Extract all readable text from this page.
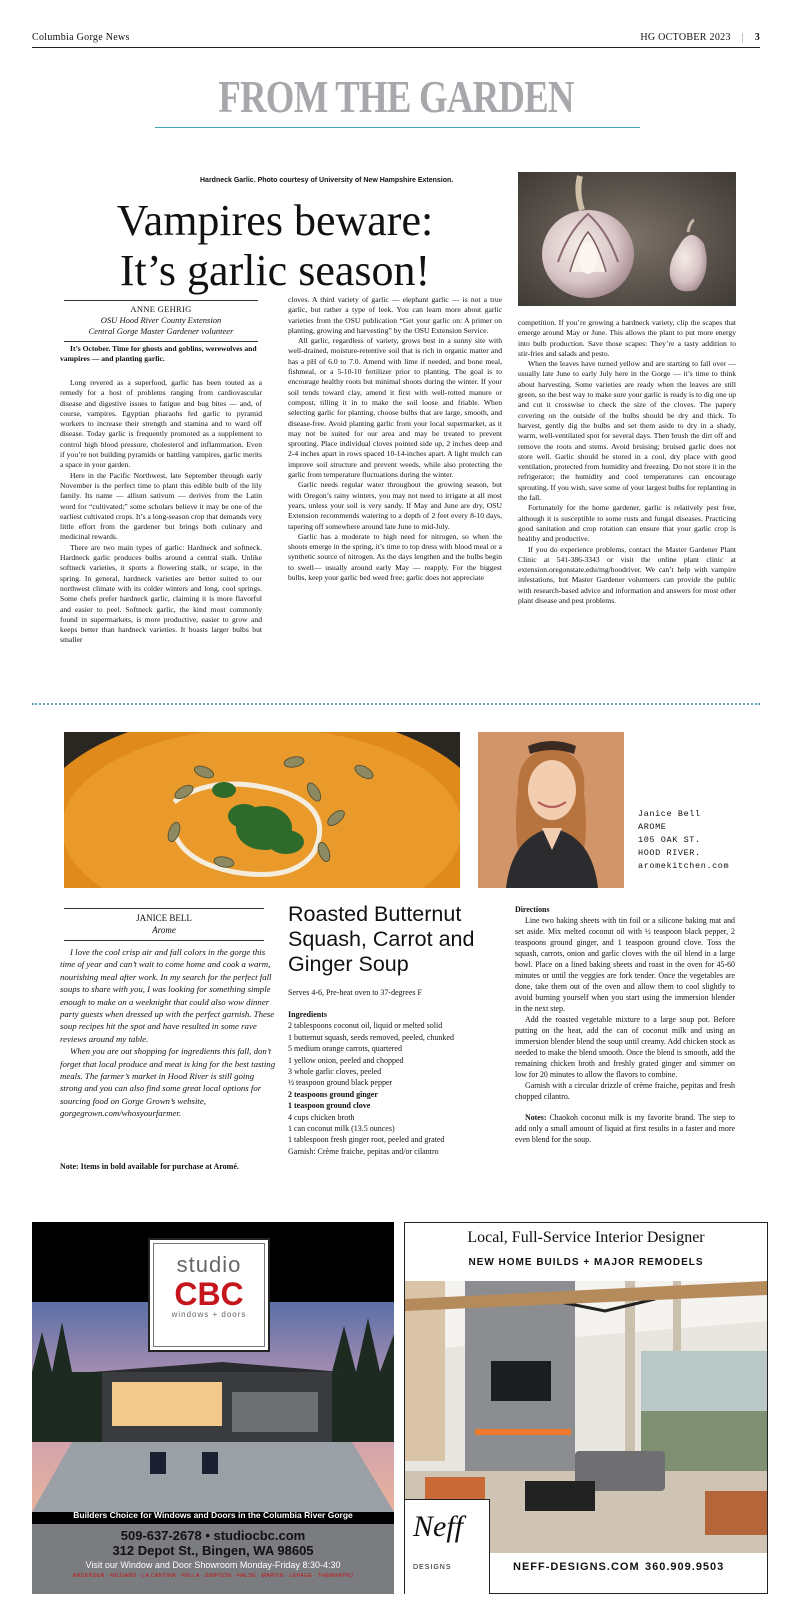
Columbia Gorge News	HG OCTOBER 2023 | 3
FROM THE GARDEN
Hardneck Garlic. Photo courtesy of University of New Hampshire Extension.
Vampires beware:
It’s garlic season!
ANNE GEHRIG
OSU Hood River County Extension
Central Gorge Master Gardener volunteer
It’s October. Time for ghosts and goblins, werewolves and vampires — and planting garlic.

Long revered as a superfood, garlic has been touted as a remedy for a host of problems ranging from cardiovascular disease and digestive issues to fatigue and bug bites — and, of course, vampires. Egyptian pharaohs fed garlic to pyramid workers to increase their strength and stamina and to ward off disease. Today garlic is frequently promoted as a supplement to control high blood pressure, cholesterol and inflammation. Even if you’re not building pyramids or battling vampires, garlic merits a space in your garden.

Here in the Pacific Northwest, late September through early November is the perfect time to plant this edible bulb of the lily family. Its name — allium sativum — derives from the Latin word for “cultivated;” some scholars believe it may be one of the earliest cultivated crops. It’s a long-season crop that demands very little effort from the gardener but brings both culinary and medicinal rewards.

There are two main types of garlic: Hardneck and softneck. Hardneck garlic produces bulbs around a central stalk. Unlike softneck varieties, it sports a flowering stalk, or scape, in the spring. In general, hardneck varieties are better suited to our northwest climate with its colder winters and long, cool springs. Some chefs prefer hardneck garlic, claiming it is more flavorful and easier to peel. Softneck garlic, the kind most commonly found in supermarkets, is more productive, easier to grow and keeps better than hardneck varieties. It boasts larger bulbs but smaller

cloves. A third variety of garlic — elephant garlic — is not a true garlic, but rather a type of leek. You can learn more about garlic varieties from the OSU publication “Get your garlic on: A primer on planting, growing and harvesting” by the OSU Extension Service.

All garlic, regardless of variety, grows best in a sunny site with well-drained, moisture-retentive soil that is rich in organic matter and has a pH of 6.0 to 7.0. Amend with lime if needed, and bone meal, fishmeal, or a 5-10-10 fertilizer prior to planting. The goal is to encourage healthy roots but minimal shoots during the winter. If your soil tends toward clay, amend it first with well-rotted manure or compost, tilling it in to make the soil loose and friable. When selecting garlic for planting, choose bulbs that are large, smooth, and disease-free. Avoid planting garlic from your local supermarket, as it may not be suited for our area and may be treated to prevent sprouting. Place individual cloves pointed side up, 2 inches deep and 2-4 inches apart in rows spaced 10-14-inches apart. A light mulch can improve soil structure and prevent weeds, while also protecting the garlic from temperature fluctuations during the winter.

Garlic needs regular water throughout the growing season, but with Oregon’s rainy winters, you may not need to irrigate at all most years, unless your soil is very sandy. If May and June are dry, OSU Extension recommends watering to a depth of 2 feet every 8-10 days, tapering off somewhere around late June to mid-July.

Garlic has a moderate to high need for nitrogen, so when the shoots emerge in the spring, it’s time to top dress with blood meal or a synthetic source of nitrogen. As the days lengthen and the bulbs begin to swell— usually around early May — reapply. For the biggest bulbs, keep your garlic bed weed free; garlic does not appreciate

competition. If you’re growing a hardneck variety, clip the scapes that emerge around May or June. This allows the plant to put more energy into bulb production. Save those scapes: They’re a tasty addition to stir-fries and salads and pesto.

When the leaves have turned yellow and are starting to fall over — usually late June to early July here in the Gorge — it’s time to think about harvesting. Some varieties are ready when the leaves are still green, so the best way to make sure your garlic is ready is to dig one up and cut it crosswise to check the size of the cloves. The papery covering on the outside of the bulbs should be dry and thick. To harvest, gently dig the bulbs and set them aside to dry in a shady, warm, well-ventilated spot for several days. Then brush the dirt off and remove the roots and stems. Avoid bruising; bruised garlic does not store well. Garlic should be stored in a cool, dry place with good ventilation, protected from humidity and freezing. Do not store it in the refrigerator; the humidity and cool temperatures can encourage sprouting. If you wish, save some of your largest bulbs for replanting in the fall.

Fortunately for the home gardener, garlic is relatively pest free, although it is susceptible to some rusts and fungal diseases. Practicing good sanitation and crop rotation can ensure that your garlic crop is healthy and productive.

If you do experience problems, contact the Master Gardener Plant Clinic at 541-386-3343 or visit the online plant clinic at extension.oregonstate.edu/mg/hoodriver. We can’t help with vampire infestations, but Master Gardener volunteers can provide the public with research-based advice and information and answers for most other plant disease and pest problems.

Janice Bell
AROME
105 OAK ST.
HOOD RIVER.
aromekitchen.com
JANICE BELL
Arome

I love the cool crisp air and fall colors in the gorge this time of year and can’t wait to come home and cook a warm, nourishing meal after work. In my search for the perfect fall soups to share with you, I was looking for something simple enough to make on a weeknight that could also wow dinner party guests when dressed up with the perfect garnish. These soup recipes hit the spot and have resulted in some rave reviews around my table.

When you are out shopping for ingredients this fall, don’t forget that local produce and meat is king for the best tasting meals. The farmer’s market in Hood River is still going strong and you can also find some great local options for sourcing food on Gorge Grown’s website, gorgegrown.com/whosyourfarmer.

Note: Items in bold available for purchase at Aromé.
Roasted Butternut Squash, Carrot and Ginger Soup
Serves 4-6, Pre-heat oven to 37-degrees F
Ingredients
2 tablespoons coconut oil, liquid or melted solid
1 butternut squash, seeds removed, peeled, chunked
5 medium orange carrots, quartered
1 yellow onion, peeled and chopped
3 whole garlic cloves, peeled
½ teaspoon ground black pepper
2 teaspoons ground ginger
1 teaspoon ground clove
4 cups chicken broth
1 can coconut milk (13.5 ounces)
1 tablespoon fresh ginger root, peeled and grated
Garnish: Crème fraiche, pepitas and/or cilantro
Directions

Line two baking sheets with tin foil or a silicone baking mat and set aside. Mix melted coconut oil with ½ teaspoon black pepper, 2 teaspoons ground ginger, and 1 teaspoon ground clove. Toss the squash, carrots, onion and garlic cloves with the oil blend in a large bowl. Place on a lined baking sheets and roast in the oven for 45-60 minutes or until the veggies are fork tender. Once the vegetables are done, take them out of the oven and allow them to cool slightly to avoid burning yourself when you start using the immersion blender in the next step.

Add the roasted vegetable mixture to a large soup pot. Before putting on the heat, add the can of coconut milk and using an immersion blender blend the soup until creamy. Add chicken stock as needed to make the blend smooth. Once the blend is smooth, add the remaining chicken broth and freshly grated ginger and simmer on low for 20 minutes to allow the flavors to combine.

Garnish with a circular drizzle of crème fraiche, pepitas and fresh chopped cilantro.

Notes: Chaokoh coconut milk is my favorite brand. The step to add only a small amount of liquid at first results in a faster and more even blend for the soup.

studio
CBC
windows + doors
Builders Choice for Windows and Doors in the Columbia River Gorge
509-637-2678 • studiocbc.com
312 Depot St., Bingen, WA 98605
Visit our Window and Door Showroom Monday-Friday 8:30-4:30
ANDERSEN · MILGARD · LA CANTINA · PELLA · SIMPSON · HALSE · MARVIN · LEPAGE · THERMATRU
Local, Full-Service Interior Designer
NEW HOME BUILDS + MAJOR REMODELS
Neff
DESIGNS	NEFF-DESIGNS.COM 360.909.9503
